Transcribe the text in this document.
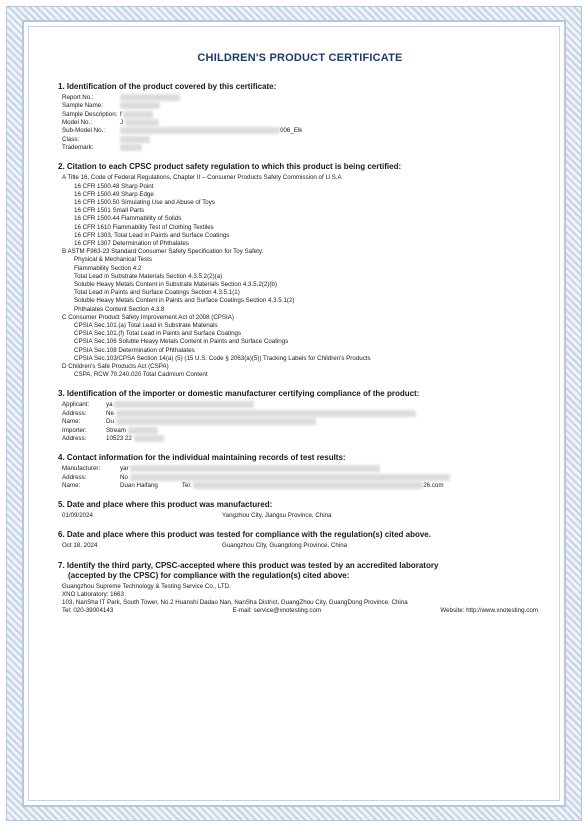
CHILDREN'S PRODUCT CERTIFICATE
1. Identification of the product covered by this certificate:
Report No.:
Sample Name:
Sample Description: f
Model No.:	J
Sub-Model No.:	006_Elk
Class:
Trademark:
2. Citation to each CPSC product safety regulation to which this product is being certified:
A Title 16, Code of Federal Regulations, Chapter II – Consumer Products Safety Commission of U.S.A
16 CFR 1500.48 Sharp Point
16 CFR 1500.49 Sharp Edge
16 CFR 1500.50 Simulating Use and Abuse of Toys
16 CFR 1501 Small Parts
16 CFR 1500.44 Flammability of Solids
16 CFR 1610 Flammability Test of Clothing Textiles
16 CFR 1303, Total Lead in Paints and Surface Coatings
16 CFR 1307 Determination of Phthalates
B ASTM F963-23 Standard Consumer Safety Specification for Toy Safety:
Physical & Mechanical Tests
Flammability Section 4.2
Total Lead in Substrate Materials Section 4.3.5.2(2)(a)
Soluble Heavy Metals Content in Substrate Materials Section 4.3.5.2(2)(b)
Total Lead in Paints and Surface Coatings Section 4.3.5.1(1)
Soluble Heavy Metals Content in Paints and Surface Coatings Section 4.3.5.1(2)
Phthalates Content Section 4.3.8
C Consumer Product Safety Improvement Act of 2008 (CPSIA)
CPSIA Sec.101.(a) Total Lead in Substrate Materials
CPSIA Sec.101.(f) Total Lead in Paints and Surface Coatings
CPSIA Sec.106 Soluble Heavy Metals Content in Paints and Surface Coatings
CPSIA Sec.108 Determination of Phthalates
CPSIA Sec.103/CPSA Section 14(a) (5) (15 U.S. Code § 2063(a)(5)) Tracking Labels for Children's Products
D Children's Safe Products Act (CSPA)
CSPA, RCW 70.240.020 Total Cadmium Content
3. Identification of the importer or domestic manufacturer certifying compliance of the product:
Applicant:	ya
Address:	Ne
Name:	Du
Importer:	Stream
Address:	10523 22
4. Contact information for the individual maintaining records of test results:
Manufacturer:	yar
Address:	No
Name:	Duan Haifang	Tel:	26.com
5. Date and place where this product was manufactured:
01/09/2024	Yangzhou City, Jiangsu Province, China
6. Date and place where this product was tested for compliance with the regulation(s) cited above.
Oct 18, 2024	Guangzhou City, Guangdong Province, China
7. Identify the third party, CPSC-accepted where this product was tested by an accredited laboratory
(accepted by the CPSC) for compliance with the regulation(s) cited above:
Guangzhou Supreme Technology & Testing Service Co., LTD.
XNO Laboratory: 1663
103, NanSha IT Park, South Tower, No.2 Huanshi Dadao Nan, NanSha District, GuangZhou City, GuangDong Province, China
Tel: 020-39004143	E-mail: service@xnotesting.com	Website: http://www.xnotesting.com
